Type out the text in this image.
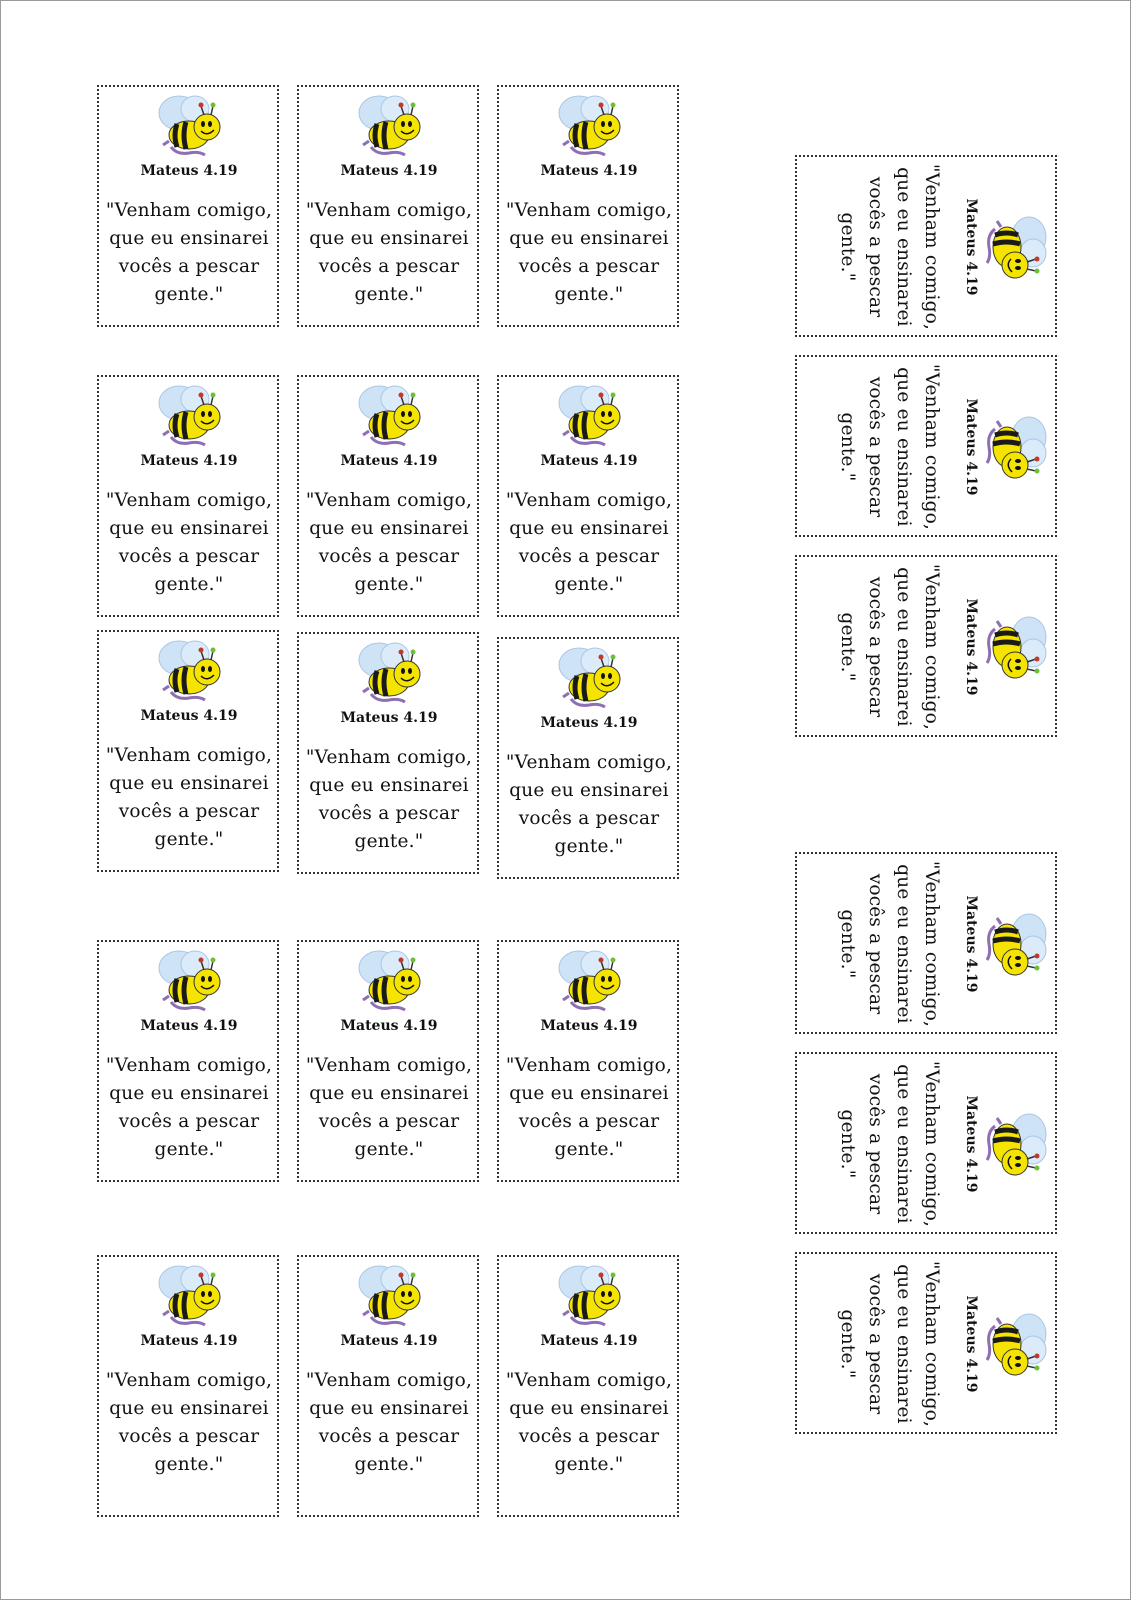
Mateus 4.19
"Venham comigo,
que eu ensinarei
vocês a pescar
gente."
Mateus 4.19
"Venham comigo,
que eu ensinarei
vocês a pescar
gente."
Mateus 4.19
"Venham comigo,
que eu ensinarei
vocês a pescar
gente."
Mateus 4.19
"Venham comigo,
que eu ensinarei
vocês a pescar
gente."
Mateus 4.19
"Venham comigo,
que eu ensinarei
vocês a pescar
gente."
Mateus 4.19
"Venham comigo,
que eu ensinarei
vocês a pescar
gente."
Mateus 4.19
"Venham comigo,
que eu ensinarei
vocês a pescar
gente."
Mateus 4.19
"Venham comigo,
que eu ensinarei
vocês a pescar
gente."
Mateus 4.19
"Venham comigo,
que eu ensinarei
vocês a pescar
gente."
Mateus 4.19
"Venham comigo,
que eu ensinarei
vocês a pescar
gente."
Mateus 4.19
"Venham comigo,
que eu ensinarei
vocês a pescar
gente."
Mateus 4.19
"Venham comigo,
que eu ensinarei
vocês a pescar
gente."
Mateus 4.19
"Venham comigo,
que eu ensinarei
vocês a pescar
gente."
Mateus 4.19
"Venham comigo,
que eu ensinarei
vocês a pescar
gente."
Mateus 4.19
"Venham comigo,
que eu ensinarei
vocês a pescar
gente."
Mateus 4.19
"Venham comigo,
que eu ensinarei
vocês a pescar
gente."
Mateus 4.19
"Venham comigo,
que eu ensinarei
vocês a pescar
gente."
Mateus 4.19
"Venham comigo,
que eu ensinarei
vocês a pescar
gente."
Mateus 4.19
"Venham comigo,
que eu ensinarei
vocês a pescar
gente."
Mateus 4.19
"Venham comigo,
que eu ensinarei
vocês a pescar
gente."
Mateus 4.19
"Venham comigo,
que eu ensinarei
vocês a pescar
gente."
